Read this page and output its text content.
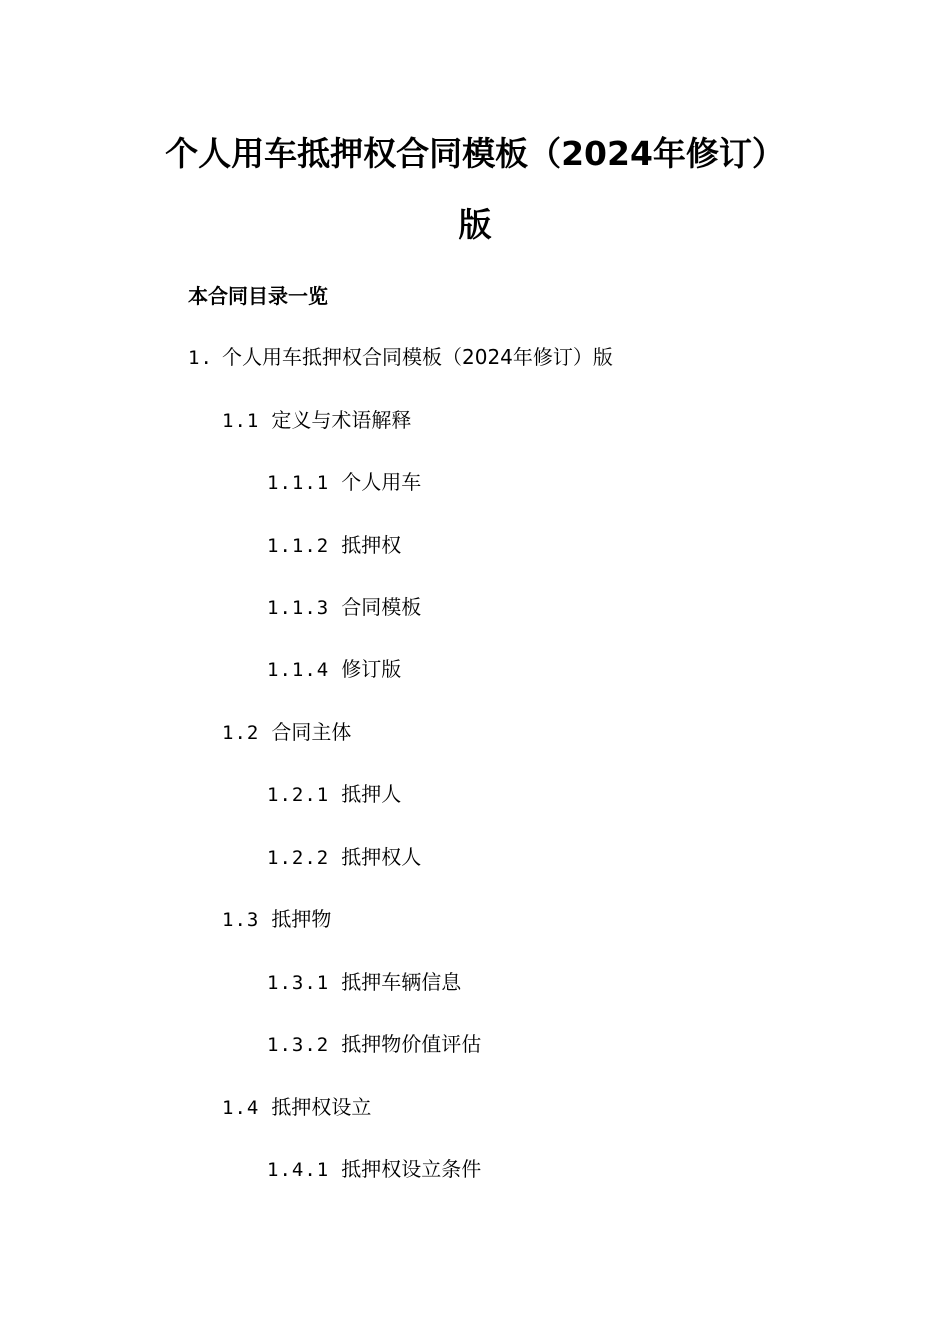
个人用车抵押权合同模板（2024年修订）
版
本合同目录一览
1. 个人用车抵押权合同模板（2024年修订）版
1.1 定义与术语解释
1.1.1 个人用车
1.1.2 抵押权
1.1.3 合同模板
1.1.4 修订版
1.2 合同主体
1.2.1 抵押人
1.2.2 抵押权人
1.3 抵押物
1.3.1 抵押车辆信息
1.3.2 抵押物价值评估
1.4 抵押权设立
1.4.1 抵押权设立条件
